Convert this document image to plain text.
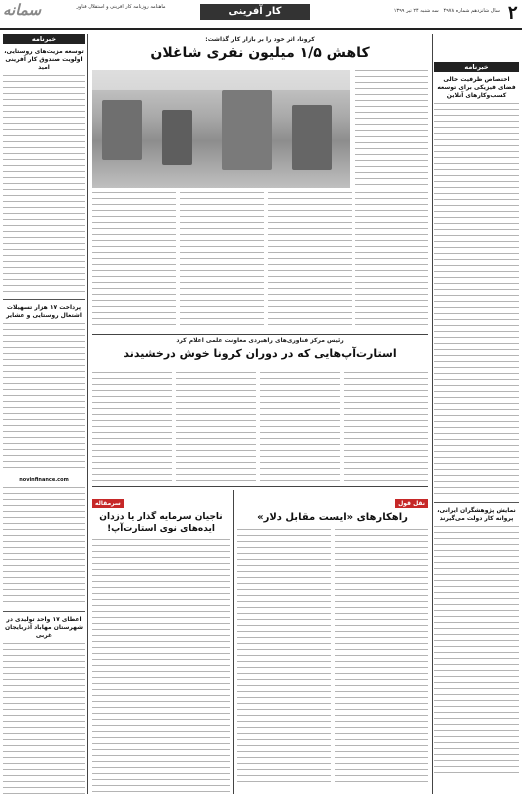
سمانه	ماهنامه روزنامه کار آفرینی و استقلال فناور	کار آفرینی	سال شانزدهم شماره ۴۹۷۸   سه شنبه ۲۴ تیر ۱۳۹۹	۲
خبرنامه
توسعه مزیت‌های روستایی، اولویت صندوق کار آفرینی امید
پرداخت ۱۷ هزار تسهیلات اشتغال روستایی و عشایر
novinfinance.com
اعطای ۱۷ واحد تولیدی در شهرستان مهاباد آذربایجان غربی
خبرنامه
اختصاص ظرفیت خالی فضای فیزیکی برای توسعه کسب‌وکارهای آنلاین
نمایش پژوهشگران ایرانی، پروانه کار دولت می‌گیرند
کرونا، اثر خود را بر بازار کار گذاشت:
کاهش ۱/۵ میلیون نفری شاغلان
رئیس مرکز فناوری‌های راهبردی معاونت علمی اعلام کرد
استارت‌آپ‌هایی که در دوران کرونا خوش درخشیدند
سرمقاله
ناجیان سرمایه گذار یا دزدان ایده‌های نوی استارت‌آپ!
نقل قول
راهکارهای «ایست مقابل دلار»
